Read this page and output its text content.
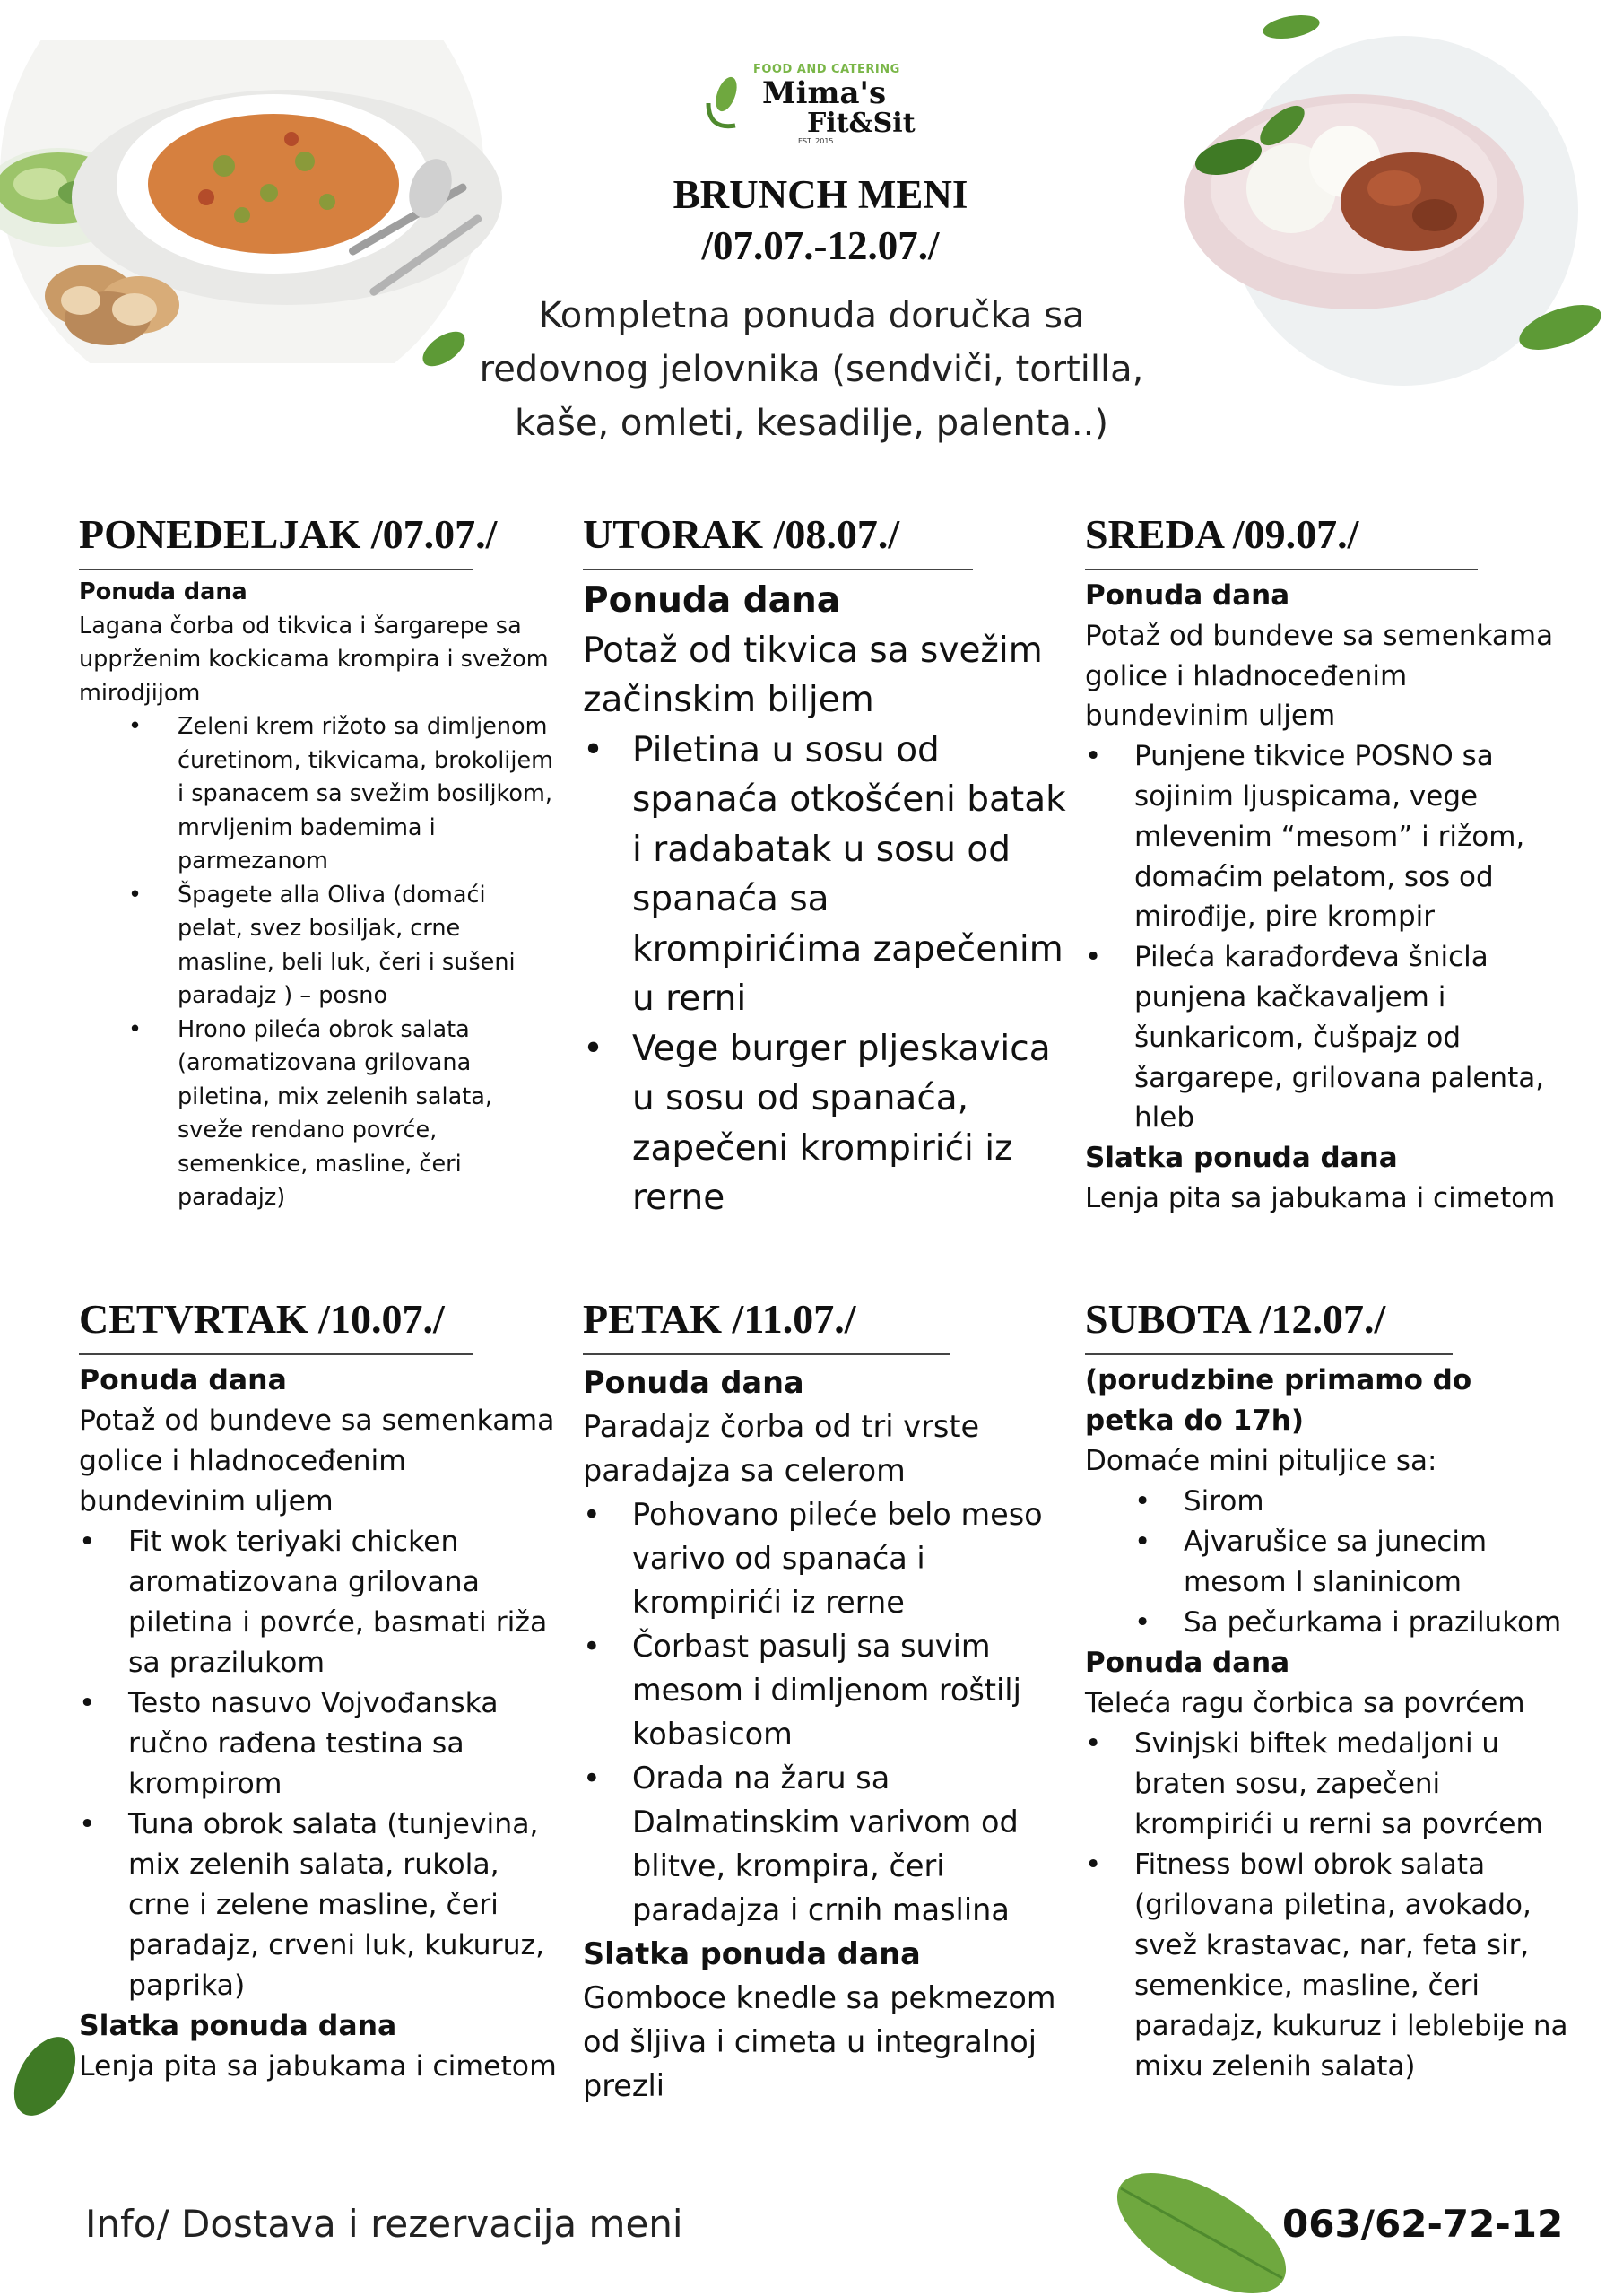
FOOD AND CATERING
Mima's
Fit&Sit
EST. 2015
BRUNCH MENI
/07.07.-12.07./
Kompletna ponuda doručka sa
redovnog jelovnika (sendviči, tortilla,
kaše, omleti, kesadilje, palenta..)
PONEDELJAK /07.07./
Ponuda dana

Lagana čorba od tikvica i šargarepe sa upprženim kockicama krompira i svežom mirodjijom

• Zeleni krem rižoto sa dimljenom ćuretinom, tikvicama, brokolijem i spanacem sa svežim bosiljkom, mrvljenim bademima i parmezanom
• Špagete alla Oliva (domaći pelat, svez bosiljak, crne masline, beli luk, čeri i sušeni paradajz ) – posno
• Hrono pileća obrok salata (aromatizovana grilovana piletina, mix zelenih salata, sveže rendano povrće, semenkice, masline, čeri paradajz)
UTORAK /08.07./
Ponuda dana

Potaž od tikvica sa svežim začinskim biljem

• Piletina u sosu od spanaća otkošćeni batak i radabatak u sosu od spanaća sa krompirićima zapečenim u rerni
• Vege burger pljeskavica u sosu od spanaća, zapečeni krompirići iz rerne
SREDA /09.07./
Ponuda dana

Potaž od bundeve sa semenkama golice i hladnoceđenim bundevinim uljem

• Punjene tikvice POSNO sa sojinim ljuspicama, vege mlevenim “mesom” i rižom, domaćim pelatom, sos od mirođije, pire krompir
• Pileća karađorđeva šnicla punjena kačkavaljem i šunkaricom, čušpajz od šargarepe, grilovana palenta, hleb
Slatka ponuda dana

Lenja pita sa jabukama i cimetom

CETVRTAK /10.07./
Ponuda dana

Potaž od bundeve sa semenkama golice i hladnoceđenim bundevinim uljem

• Fit wok teriyaki chicken aromatizovana grilovana piletina i povrće, basmati riža sa prazilukom
• Testo nasuvo Vojvođanska ručno rađena testina sa krompirom
• Tuna obrok salata (tunjevina, mix zelenih salata, rukola, crne i zelene masline, čeri paradajz, crveni luk, kukuruz, paprika)
Slatka ponuda dana

Lenja pita sa jabukama i cimetom

PETAK /11.07./
Ponuda dana

Paradajz čorba od tri vrste paradajza sa celerom

• Pohovano pileće belo meso varivo od spanaća i krompirići iz rerne
• Čorbast pasulj sa suvim mesom i dimljenom roštilj kobasicom
• Orada na žaru sa Dalmatinskim varivom od blitve, krompira, čeri paradajza i crnih maslina
Slatka ponuda dana

Gomboce knedle sa pekmezom od šljiva i cimeta u integralnoj prezli

SUBOTA /12.07./
(porudzbine primamo do petka do 17h)

Domaće mini pituljice sa:

• Sirom
• Ajvarušice sa junecim mesom I slaninicom
• Sa pečurkama i prazilukom
Ponuda dana

Teleća ragu čorbica sa povrćem

• Svinjski biftek medaljoni u braten sosu, zapečeni krompirići u rerni sa povrćem
• Fitness bowl obrok salata (grilovana piletina, avokado, svež krastavac, nar, feta sir, semenkice, masline, čeri paradajz, kukuruz i leblebije na mixu zelenih salata)
Info/ Dostava i rezervacija meni	063/62-72-12
